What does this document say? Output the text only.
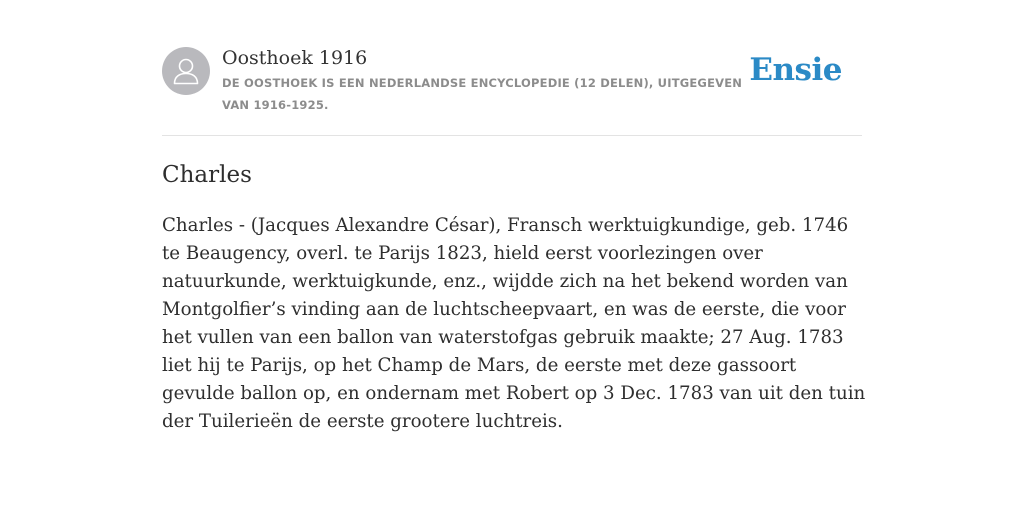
Oosthoek 1916
DE OOSTHOEK IS EEN NEDERLANDSE ENCYCLOPEDIE (12 DELEN), UITGEGEVEN VAN 1916-1925.
Ensie
Charles

Charles - (Jacques Alexandre César), Fransch werktuigkundige, geb. 1746 te Beaugency, overl. te Parijs 1823, hield eerst voorlezingen over natuurkunde, werktuigkunde, enz., wijdde zich na het bekend worden van Montgolfier’s vinding aan de luchtscheepvaart, en was de eerste, die voor het vullen van een ballon van waterstofgas gebruik maakte; 27 Aug. 1783 liet hij te Parijs, op het Champ de Mars, de eerste met deze gassoort gevulde ballon op, en ondernam met Robert op 3 Dec. 1783 van uit den tuin der Tuilerieën de eerste grootere luchtreis.
